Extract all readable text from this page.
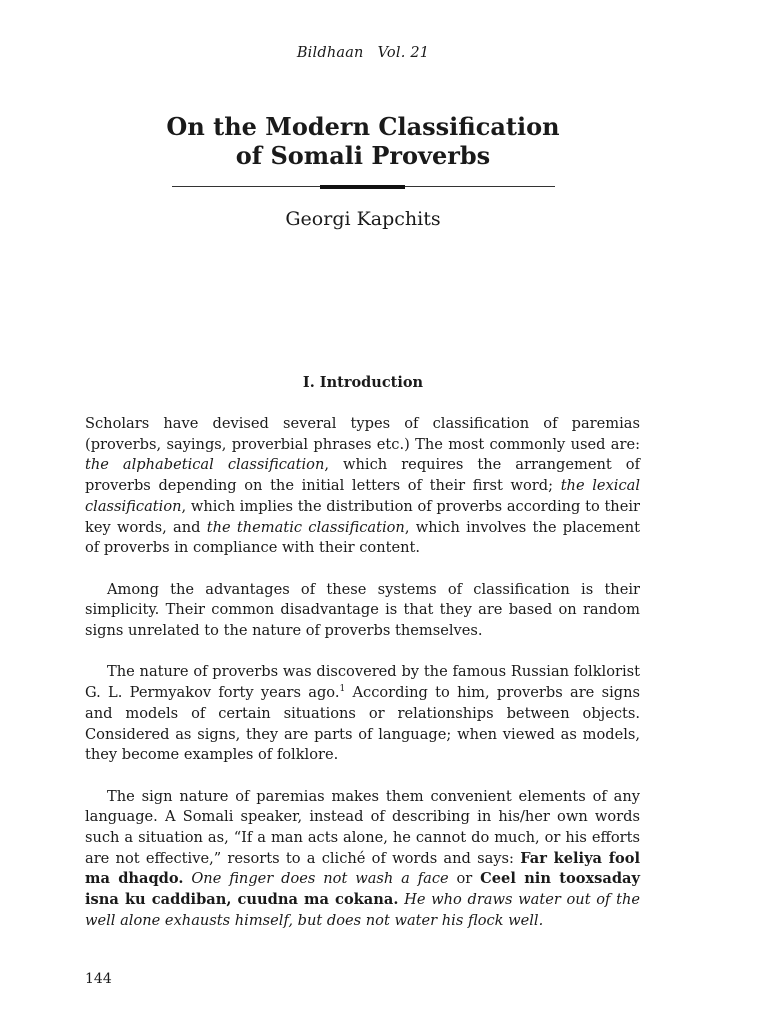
Bildhaan Vol. 21
On the Modern Classification
of Somali Proverbs
Georgi Kapchits
I. Introduction

Scholars have devised several types of classification of paremias (proverbs, sayings, proverbial phrases etc.) The most commonly used are: the alphabetical classification, which requires the arrangement of proverbs depending on the initial letters of their first word; the lexical classification, which implies the distribution of proverbs according to their key words, and the thematic classification, which involves the placement of proverbs in compliance with their content.

Among the advantages of these systems of classification is their simplicity. Their common disadvantage is that they are based on random signs unrelated to the nature of proverbs themselves.

The nature of proverbs was discovered by the famous Russian folklorist G. L. Permyakov forty years ago.$^1$ According to him, proverbs are signs and models of certain situations or relationships between objects. Considered as signs, they are parts of language; when viewed as models, they become examples of folklore.

The sign nature of paremias makes them convenient elements of any language. A Somali speaker, instead of describing in his/her own words such a situation as, “If a man acts alone, he cannot do much, or his efforts are not effective,” resorts to a cliché of words and says: Far keliya fool ma dhaqdo. One finger does not wash a face or Ceel nin tooxsaday isna ku caddiban, cuudna ma cokana. He who draws water out of the well alone exhausts himself, but does not water his flock well.

144
